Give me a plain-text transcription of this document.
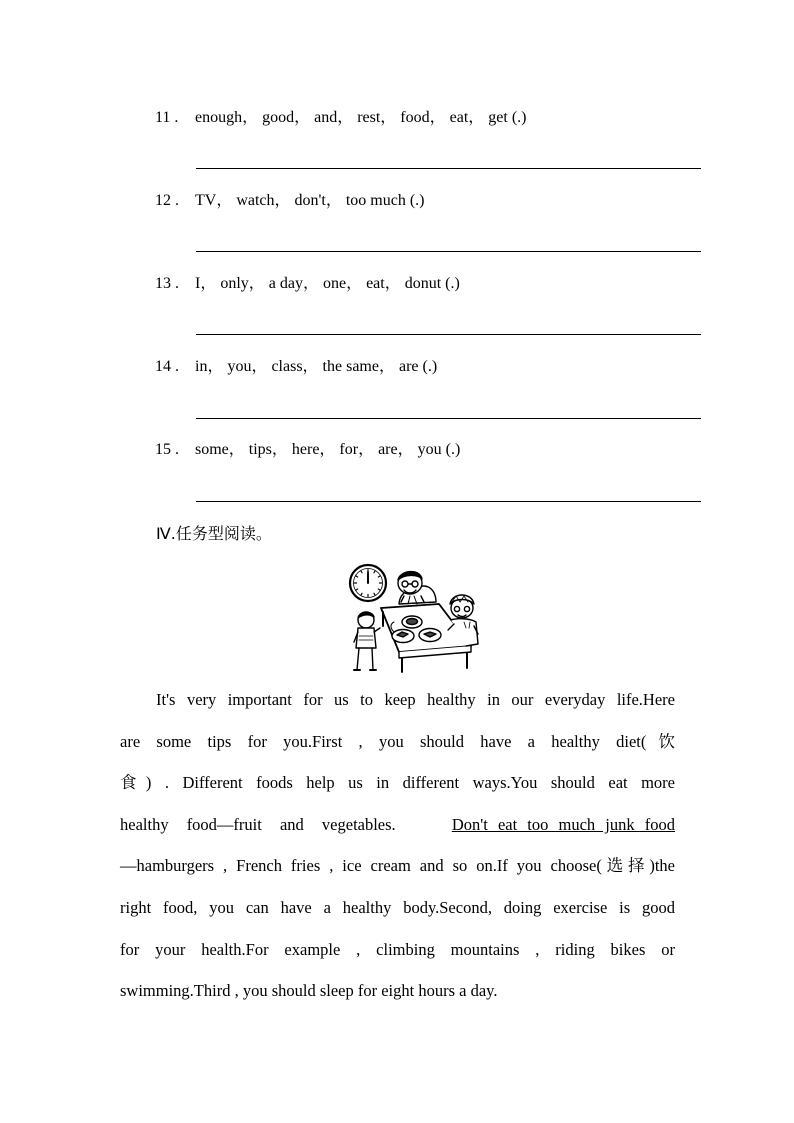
11 . enough， good， and， rest， food， eat， get (.)
12 . TV， watch， don't， too much (.)
13 . I， only， a day， one， eat， donut (.)
14 . in， you， class， the same， are (.)
15 . some， tips， here， for， are， you (.)
Ⅳ.任务型阅读。
It's very important for us to keep healthy in our everyday life.Here
are some tips for you.First , you should have a healthy diet(饮
食) . Different foods help us in different ways.You should eat more
healthy food—fruit and vegetables.	Don't eat too much junk food
—hamburgers , French fries , ice cream and so on.If you choose(选择)the
right food, you can have a healthy body.Second, doing exercise is good
for your health.For example , climbing mountains , riding bikes or
swimming.Third , you should sleep for eight hours a day.
